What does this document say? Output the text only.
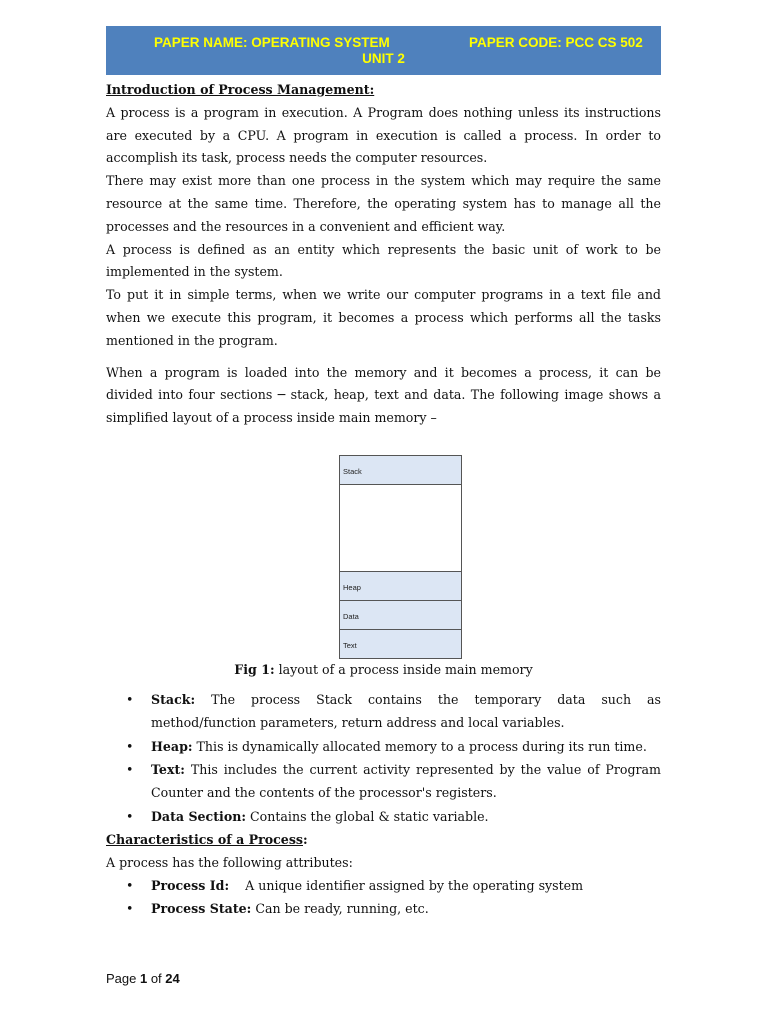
PAPER NAME: OPERATING SYSTEM	PAPER CODE: PCC CS 502
UNIT 2

Introduction of Process Management:

A process is a program in execution. A Program does nothing unless its instructions are executed by a CPU. A program in execution is called a process. In order to accomplish its task, process needs the computer resources.

There may exist more than one process in the system which may require the same resource at the same time. Therefore, the operating system has to manage all the processes and the resources in a convenient and efficient way.

A process is defined as an entity which represents the basic unit of work to be implemented in the system.

To put it in simple terms, when we write our computer programs in a text file and when we execute this program, it becomes a process which performs all the tasks mentioned in the program.

When a program is loaded into the memory and it becomes a process, it can be divided into four sections ─ stack, heap, text and data. The following image shows a simplified layout of a process inside main memory –

Stack
Heap
Data
Text

Fig 1: layout of a process inside main memory

• Stack: The process Stack contains the temporary data such as method/function parameters, return address and local variables.
• Heap: This is dynamically allocated memory to a process during its run time.
• Text: This includes the current activity represented by the value of Program Counter and the contents of the processor's registers.
• Data Section: Contains the global & static variable.

Characteristics of a Process:

A process has the following attributes:

• Process Id:    A unique identifier assigned by the operating system
• Process State: Can be ready, running, etc.
Page 1 of 24
